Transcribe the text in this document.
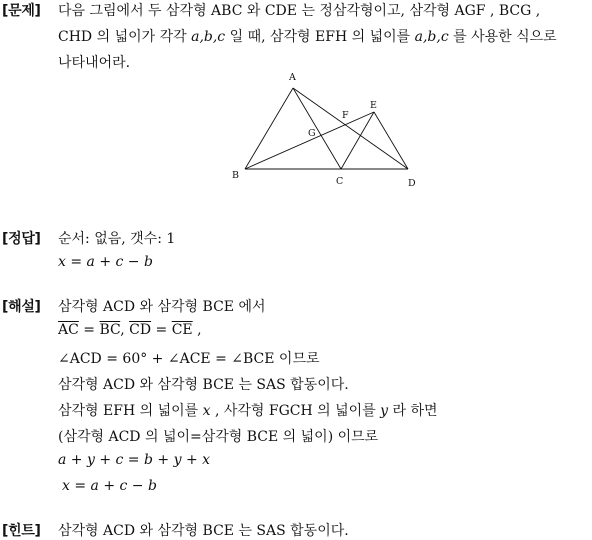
[문제] 다음 그림에서 두 삼각형 ABC 와 CDE 는 정삼각형이고, 삼각형 AGF , BCG ,
CHD 의 넓이가 각각 a,b,c 일 때, 삼각형 EFH 의 넓이를 a,b,c 를 사용한 식으로
나타내어라.
A
B
C	D
E
F
G
[정답] 순서: 없음, 갯수: 1
x = a + c − b
[해설] 삼각형 ACD 와 삼각형 BCE 에서
$\overline{AC} = \overline{BC}$, $\overline{CD} = \overline{CE}$ ,
∠ACD = 60° + ∠ACE = ∠BCE 이므로
삼각형 ACD 와 삼각형 BCE 는 SAS 합동이다.
삼각형 EFH 의 넓이를 x , 사각형 FGCH 의 넓이를 y 라 하면
(삼각형 ACD 의 넓이=삼각형 BCE 의 넓이) 이므로
a + y + c = b + y + x
x = a + c − b
[힌트] 삼각형 ACD 와 삼각형 BCE 는 SAS 합동이다.
